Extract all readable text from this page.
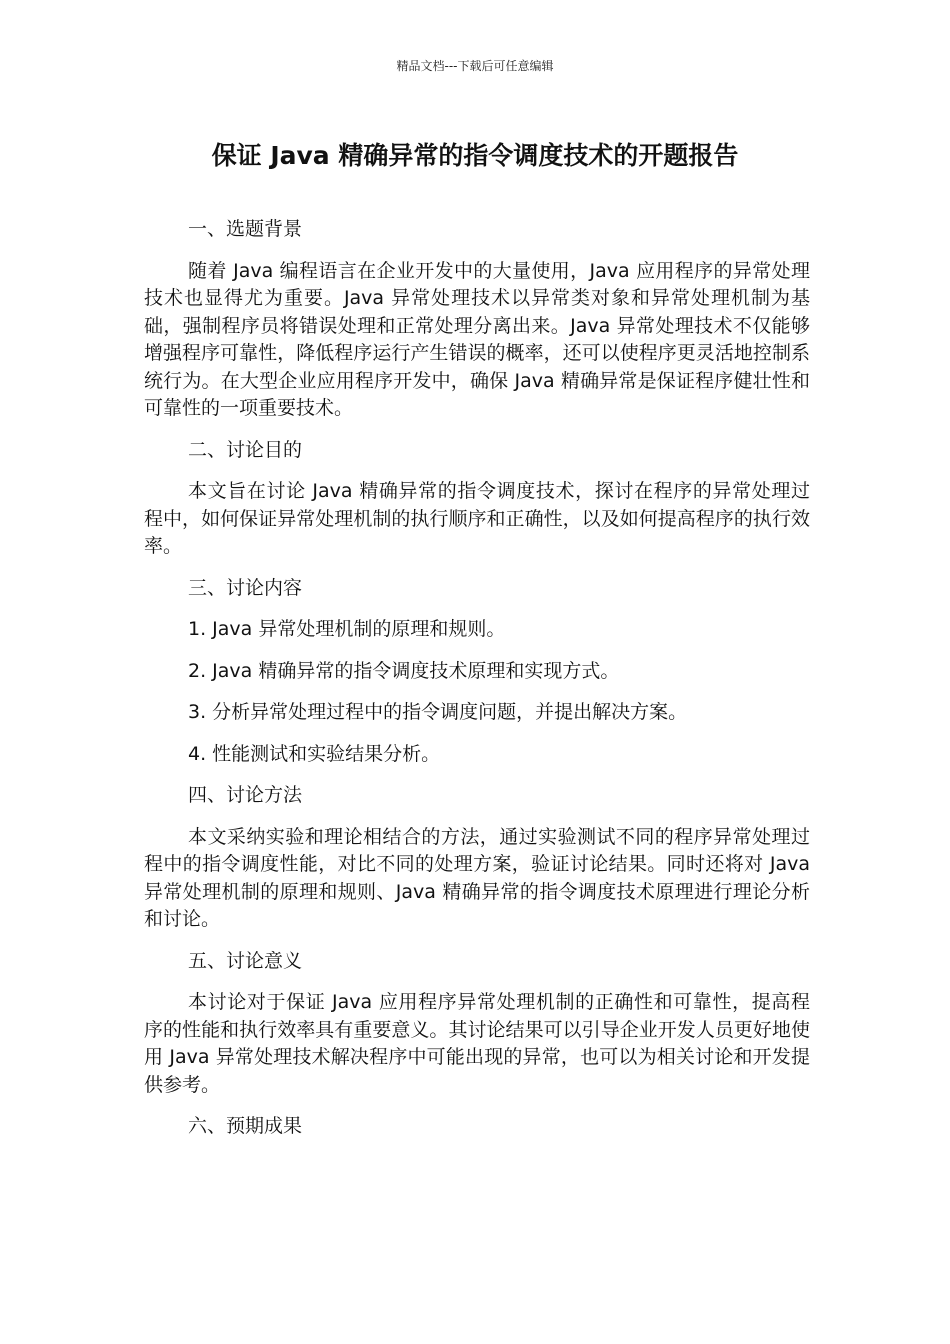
精品文档---下载后可任意编辑
保证 Java 精确异常的指令调度技术的开题报告
一、选题背景
随着 Java 编程语言在企业开发中的大量使用，Java 应用程序的异常处理技术也显得尤为重要。Java 异常处理技术以异常类对象和异常处理机制为基础，强制程序员将错误处理和正常处理分离出来。Java 异常处理技术不仅能够增强程序可靠性，降低程序运行产生错误的概率，还可以使程序更灵活地控制系统行为。在大型企业应用程序开发中，确保 Java 精确异常是保证程序健壮性和可靠性的一项重要技术。
二、讨论目的
本文旨在讨论 Java 精确异常的指令调度技术，探讨在程序的异常处理过程中，如何保证异常处理机制的执行顺序和正确性，以及如何提高程序的执行效率。
三、讨论内容
1. Java 异常处理机制的原理和规则。
2. Java 精确异常的指令调度技术原理和实现方式。
3. 分析异常处理过程中的指令调度问题，并提出解决方案。
4. 性能测试和实验结果分析。
四、讨论方法
本文采纳实验和理论相结合的方法，通过实验测试不同的程序异常处理过程中的指令调度性能，对比不同的处理方案，验证讨论结果。同时还将对 Java 异常处理机制的原理和规则、Java 精确异常的指令调度技术原理进行理论分析和讨论。
五、讨论意义
本讨论对于保证 Java 应用程序异常处理机制的正确性和可靠性，提高程序的性能和执行效率具有重要意义。其讨论结果可以引导企业开发人员更好地使用 Java 异常处理技术解决程序中可能出现的异常，也可以为相关讨论和开发提供参考。
六、预期成果
